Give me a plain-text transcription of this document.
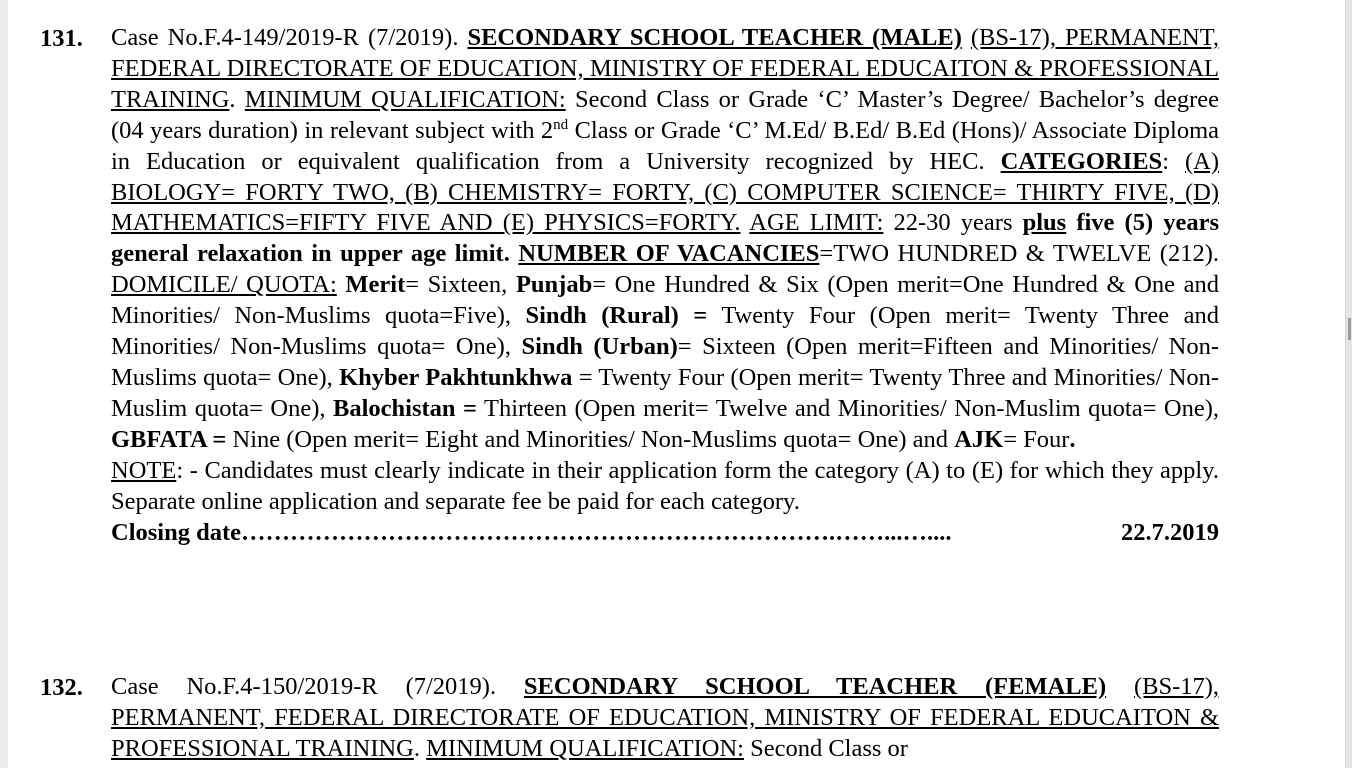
131. Case No.F.4-149/2019-R (7/2019). SECONDARY SCHOOL TEACHER (MALE) (BS-17), PERMANENT, FEDERAL DIRECTORATE OF EDUCATION, MINISTRY OF FEDERAL EDUCAITON & PROFESSIONAL TRAINING. MINIMUM QUALIFICATION: Second Class or Grade ‘C’ Master’s Degree/ Bachelor’s degree (04 years duration) in relevant subject with 2nd Class or Grade ‘C’ M.Ed/ B.Ed/ B.Ed (Hons)/ Associate Diploma in Education or equivalent qualification from a University recognized by HEC. CATEGORIES: (A) BIOLOGY= FORTY TWO, (B) CHEMISTRY= FORTY, (C) COMPUTER SCIENCE= THIRTY FIVE, (D) MATHEMATICS=FIFTY FIVE AND (E) PHYSICS=FORTY. AGE LIMIT: 22-30 years plus five (5) years general relaxation in upper age limit. NUMBER OF VACANCIES=TWO HUNDRED & TWELVE (212). DOMICILE/ QUOTA: Merit= Sixteen, Punjab= One Hundred & Six (Open merit=One Hundred & One and Minorities/ Non-Muslims quota=Five), Sindh (Rural) = Twenty Four (Open merit= Twenty Three and Minorities/ Non-Muslims quota= One), Sindh (Urban)= Sixteen (Open merit=Fifteen and Minorities/ Non-Muslims quota= One), Khyber Pakhtunkhwa = Twenty Four (Open merit= Twenty Three and Minorities/ Non-Muslim quota= One), Balochistan = Thirteen (Open merit= Twelve and Minorities/ Non-Muslim quota= One), GBFATA = Nine (Open merit= Eight and Minorities/ Non-Muslims quota= One) and AJK= Four.

NOTE: - Candidates must clearly indicate in their application form the category (A) to (E) for which they apply. Separate online application and separate fee be paid for each category.

Closing date ……………………………………………………………….……...…....	22.7.2019
132. Case No.F.4-150/2019-R (7/2019). SECONDARY SCHOOL TEACHER (FEMALE) (BS-17), PERMANENT, FEDERAL DIRECTORATE OF EDUCATION, MINISTRY OF FEDERAL EDUCAITON & PROFESSIONAL TRAINING. MINIMUM QUALIFICATION: Second Class or
